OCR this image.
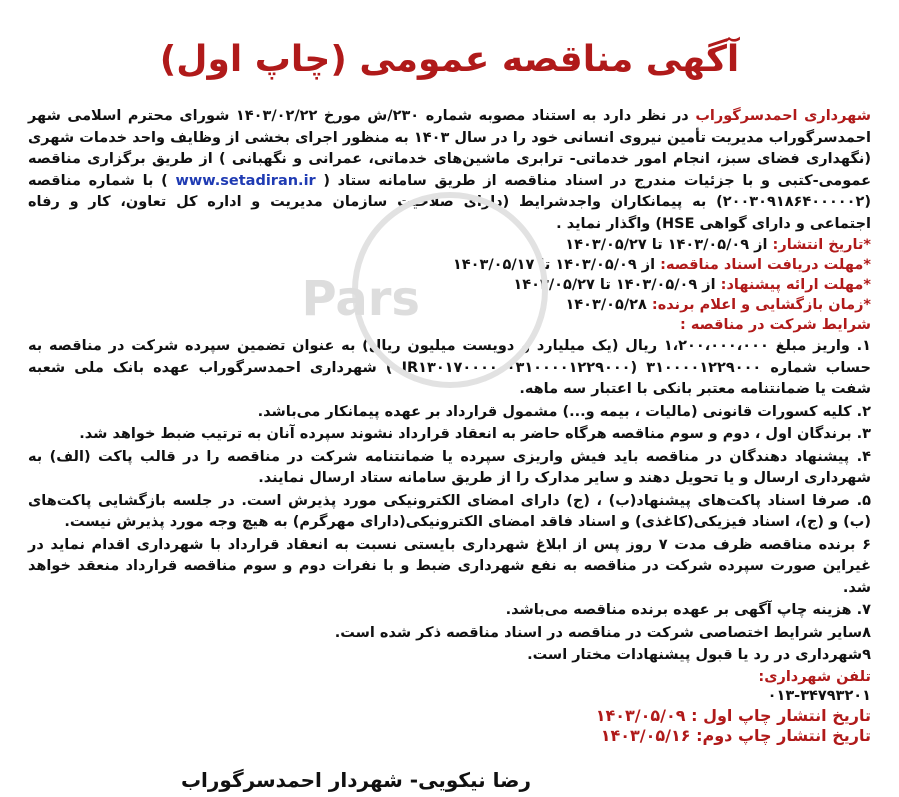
Pars
آگهی مناقصه عمومی (چاپ اول)

شهرداری احمدسرگوراب در نظر دارد به استناد مصوبه شماره ۲۳۰/ش مورخ ۱۴۰۳/۰۲/۲۲ شورای محترم اسلامی شهر احمدسرگوراب مدیریت تأمین نیروی انسانی خود را در سال ۱۴۰۳ به منظور اجرای بخشی از وظایف واحد خدمات شهری (نگهداری فضای سبز، انجام امور خدماتی- ترابری ماشین‌های خدماتی، عمرانی و نگهبانی ) از طریق برگزاری مناقصه عمومی-کتبی و با جزئیات مندرج در اسناد مناقصه از طریق سامانه ستاد ( www.setadiran.ir ) با شماره مناقصه (۲۰۰۳۰۹۱۸۶۴۰۰۰۰۰۲) به پیمانکاران واجدشرایط (دارای صلاحیت سازمان مدیریت و اداره کل تعاون، کار و رفاه اجتماعی و دارای گواهی HSE) واگذار نماید .

*تاریخ انتشار: از ۱۴۰۳/۰۵/۰۹ تا ۱۴۰۳/۰۵/۲۷

*مهلت دریافت اسناد مناقصه: از ۱۴۰۳/۰۵/۰۹ تا ۱۴۰۳/۰۵/۱۷

*مهلت ارائه پیشنهاد: از ۱۴۰۳/۰۵/۰۹ تا ۱۴۰۳/۰۵/۲۷

*زمان بازگشایی و اعلام برنده: ۱۴۰۳/۰۵/۲۸

شرایط شرکت در مناقصه :

۱. واریز مبلغ ۱،۲۰۰،۰۰۰،۰۰۰ ریال (یک میلیارد و دویست میلیون ریال) به عنوان تضمین سپرده شرکت در مناقصه به حساب شماره ۳۱۰۰۰۰۱۲۲۹۰۰۰ (IR۱۳۰۱۷۰۰۰۰۰۰۳۱۰۰۰۰۱۲۲۹۰۰۰ ) شهرداری احمدسرگوراب عهده بانک ملی شعبه شفت یا ضمانتنامه معتبر بانکی با اعتبار سه ماهه.

۲. کلیه کسورات قانونی (مالیات ، بیمه و...) مشمول قرارداد بر عهده پیمانکار می‌باشد.

۳. برندگان اول ، دوم و سوم مناقصه هرگاه حاضر به انعقاد قرارداد نشوند سپرده آنان به ترتیب ضبط خواهد شد.

۴. پیشنهاد دهندگان در مناقصه باید فیش واریزی سپرده یا ضمانتنامه شرکت در مناقصه را در قالب پاکت (الف) به شهرداری ارسال و یا تحویل دهند و سایر مدارک را از طریق سامانه ستاد ارسال نمایند.

۵. صرفا اسناد پاکت‌های پیشنهاد(ب) ، (ج) دارای امضای الکترونیکی مورد پذیرش است. در جلسه بازگشایی پاکت‌های (ب) و (ج)، اسناد فیزیکی(کاغذی) و اسناد فاقد امضای الکترونیکی(دارای مهرگرم) به هیچ وجه مورد پذیرش نیست.

۶ برنده مناقصه ظرف مدت ۷ روز پس از ابلاغ شهرداری بایستی نسبت به انعقاد قرارداد با شهرداری اقدام نماید در غیراین صورت سپرده شرکت در مناقصه به نفع شهرداری ضبط و با نفرات دوم و سوم مناقصه قرارداد منعقد خواهد شد.

۷. هزینه چاپ آگهی بر عهده برنده مناقصه می‌باشد.

۸سایر شرایط اختصاصی شرکت در مناقصه در اسناد مناقصه ذکر شده است.

۹شهرداری در رد یا قبول پیشنهادات مختار است.

تلفن شهرداری:

۰۱۳-۳۴۷۹۳۲۰۱

تاریخ انتشار چاپ اول : ۱۴۰۳/۰۵/۰۹

تاریخ انتشار چاپ دوم: ۱۴۰۳/۰۵/۱۶

رضا نیکویی- شهردار احمدسرگوراب
